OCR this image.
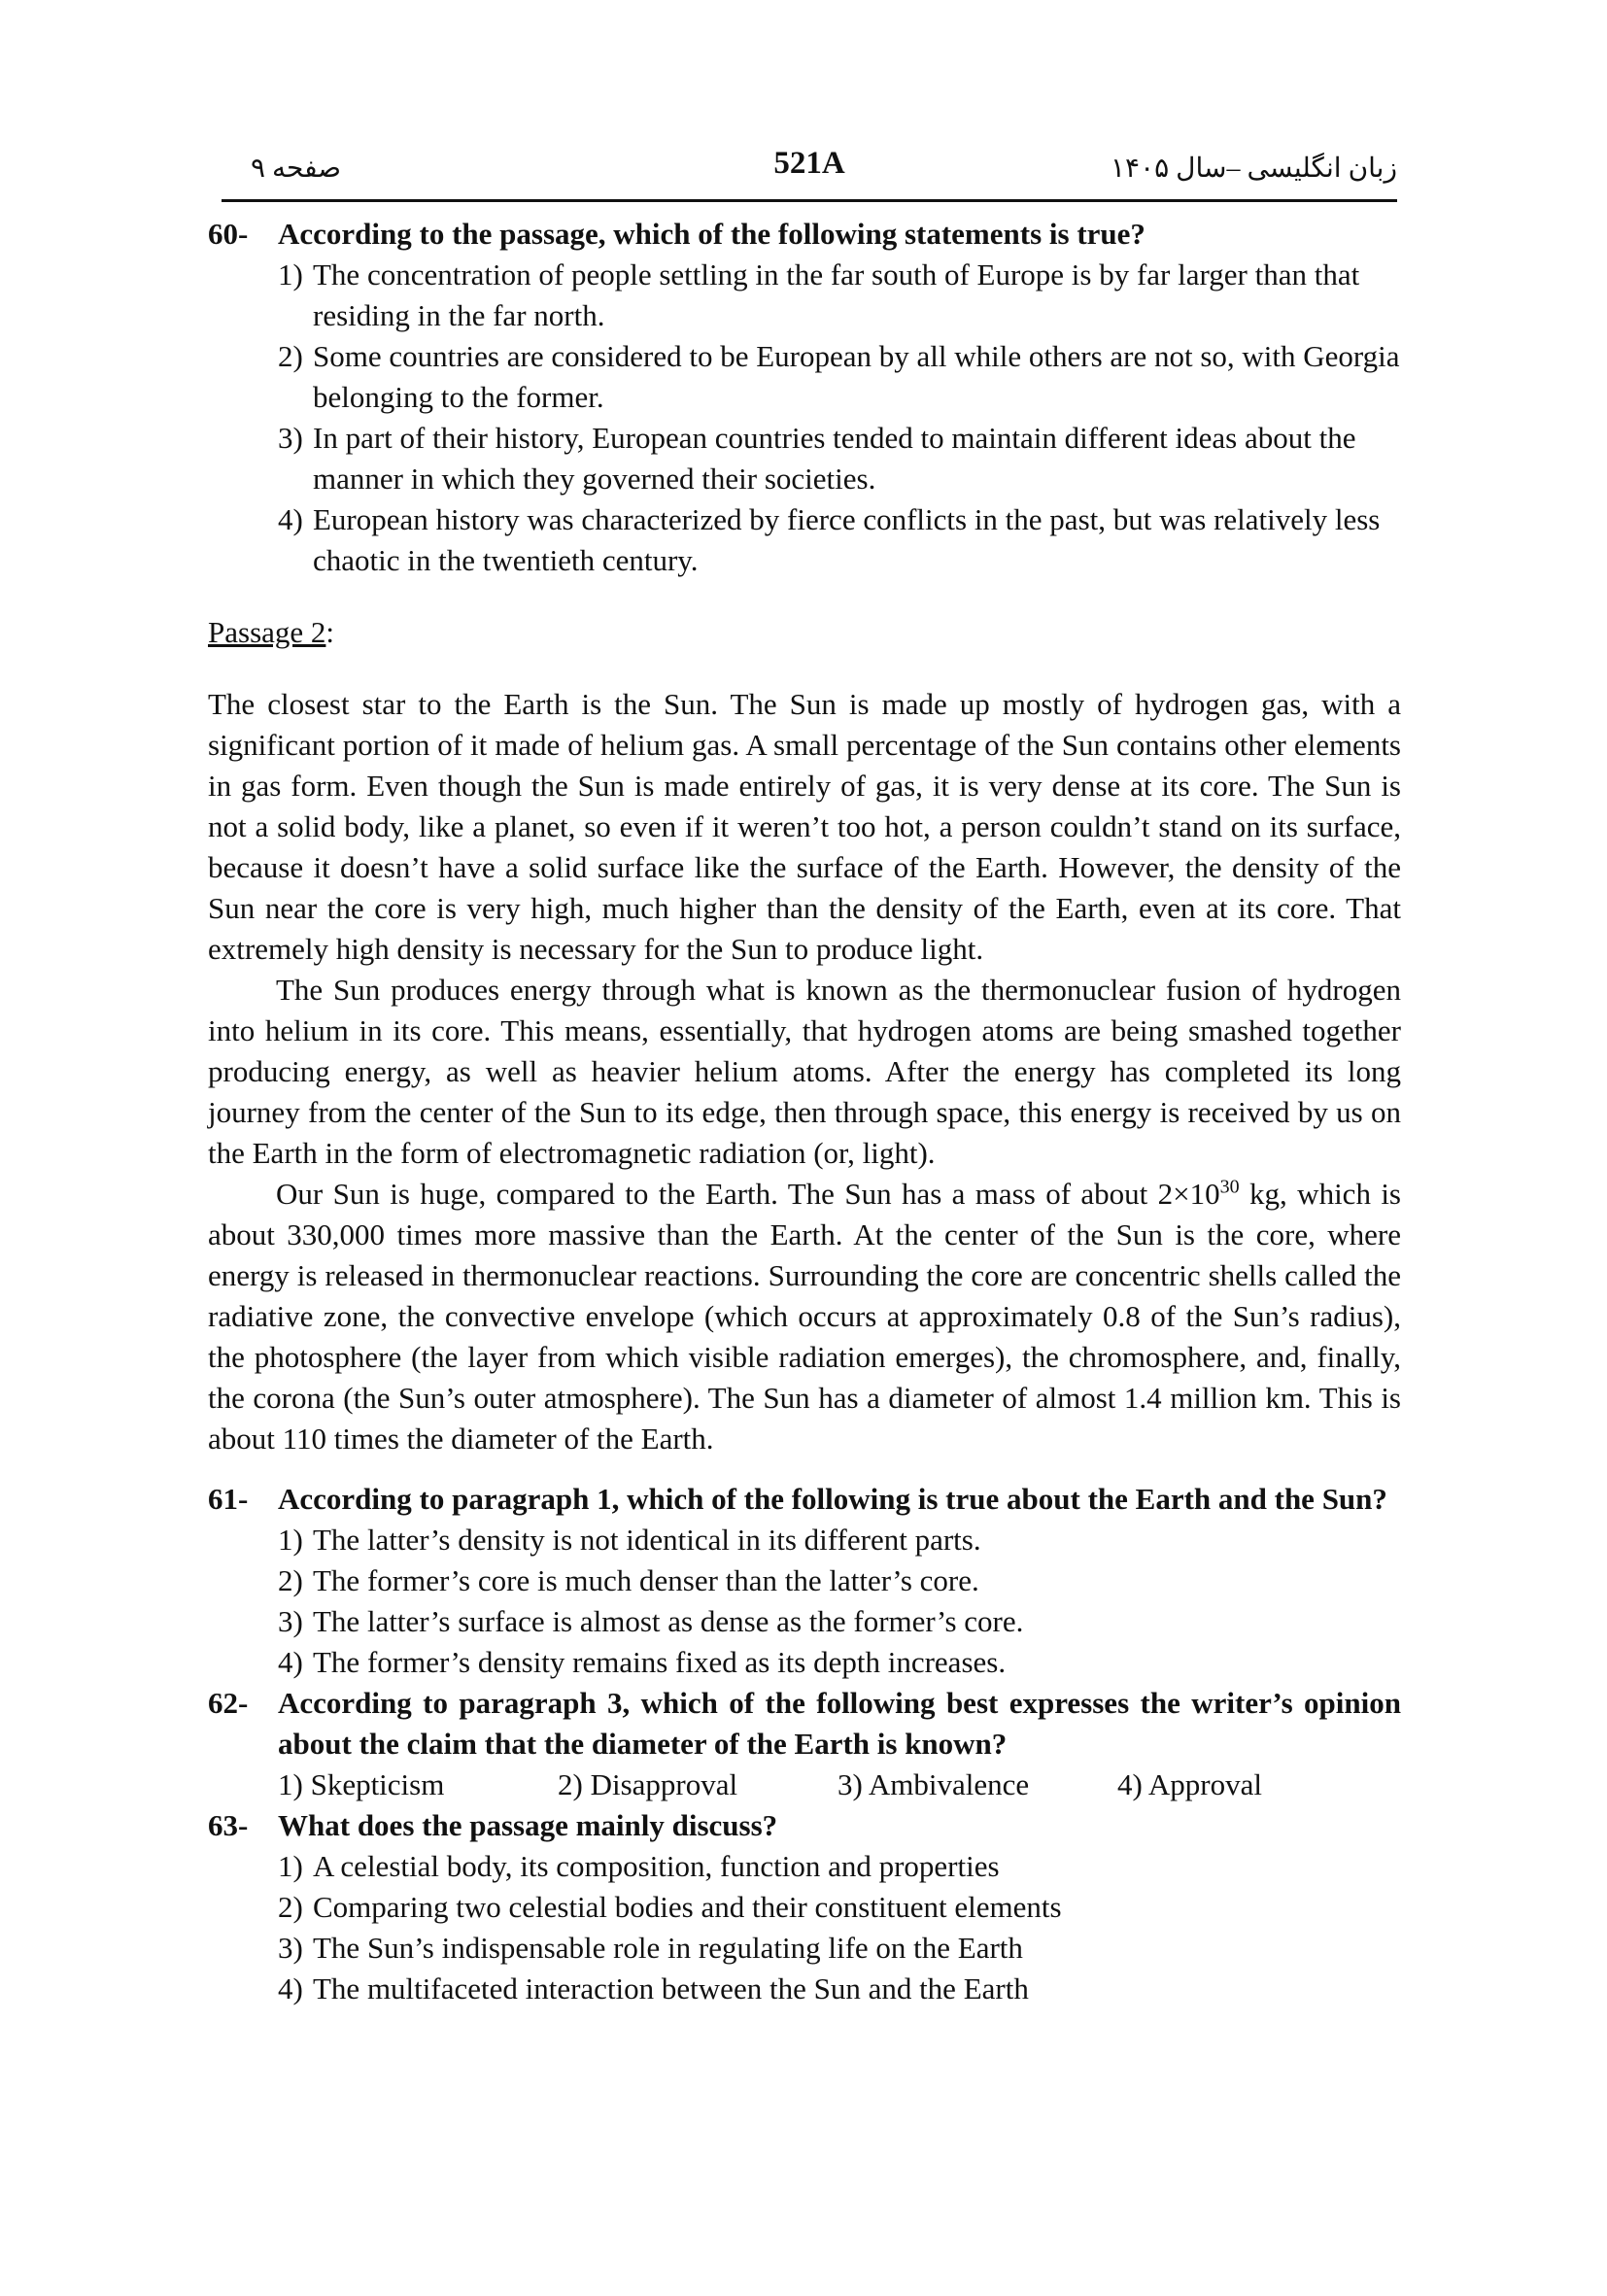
صفحه ۹	521A	زبان انگلیسی –سال ۱۴۰۵
60- According to the passage, which of the following statements is true?
1) The concentration of people settling in the far south of Europe is by far larger than that residing in the far north.
2) Some countries are considered to be European by all while others are not so, with Georgia belonging to the former.
3) In part of their history, European countries tended to maintain different ideas about the manner in which they governed their societies.
4) European history was characterized by fierce conflicts in the past, but was relatively less chaotic in the twentieth century.
Passage 2:

The closest star to the Earth is the Sun. The Sun is made up mostly of hydrogen gas, with a significant portion of it made of helium gas. A small percentage of the Sun contains other elements in gas form. Even though the Sun is made entirely of gas, it is very dense at its core. The Sun is not a solid body, like a planet, so even if it weren’t too hot, a person couldn’t stand on its surface, because it doesn’t have a solid surface like the surface of the Earth. However, the density of the Sun near the core is very high, much higher than the density of the Earth, even at its core. That extremely high density is necessary for the Sun to produce light.

The Sun produces energy through what is known as the thermonuclear fusion of hydrogen into helium in its core. This means, essentially, that hydrogen atoms are being smashed together producing energy, as well as heavier helium atoms. After the energy has completed its long journey from the center of the Sun to its edge, then through space, this energy is received by us on the Earth in the form of electromagnetic radiation (or, light).

Our Sun is huge, compared to the Earth. The Sun has a mass of about $2\times 10^{30}$ kg, which is about 330,000 times more massive than the Earth. At the center of the Sun is the core, where energy is released in thermonuclear reactions. Surrounding the core are concentric shells called the radiative zone, the convective envelope (which occurs at approximately 0.8 of the Sun’s radius), the photosphere (the layer from which visible radiation emerges), the chromosphere, and, finally, the corona (the Sun’s outer atmosphere). The Sun has a diameter of almost 1.4 million km. This is about 110 times the diameter of the Earth.

61- According to paragraph 1, which of the following is true about the Earth and the Sun?
1) The latter’s density is not identical in its different parts.
2) The former’s core is much denser than the latter’s core.
3) The latter’s surface is almost as dense as the former’s core.
4) The former’s density remains fixed as its depth increases.
62- According to paragraph 3, which of the following best expresses the writer’s opinion about the claim that the diameter of the Earth is known?
1) Skepticism	2) Disapproval	3) Ambivalence	4) Approval
63- What does the passage mainly discuss?
1) A celestial body, its composition, function and properties
2) Comparing two celestial bodies and their constituent elements
3) The Sun’s indispensable role in regulating life on the Earth
4) The multifaceted interaction between the Sun and the Earth
